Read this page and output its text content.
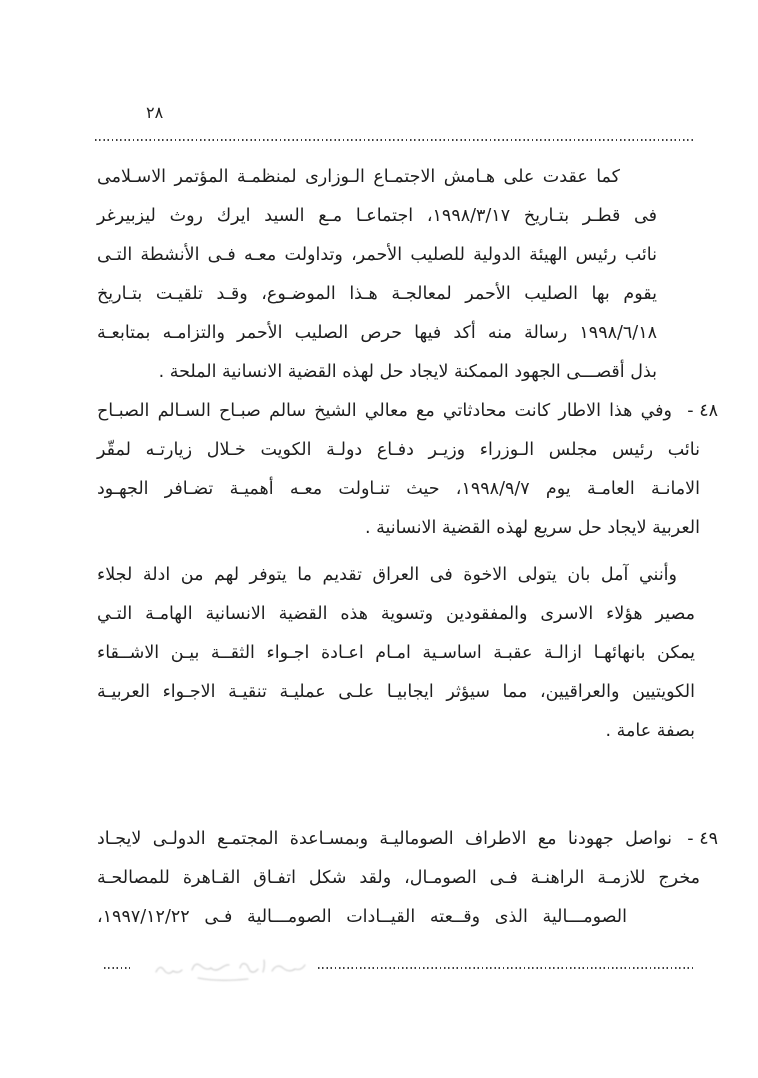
٢٨
كما عقدت على هـامش الاجتمـاع الـوزارى لمنظمـة المؤتمر الاسـلامى
فى قطـر بتـاريخ ١٩٩٨/٣/١٧، اجتماعـا مـع السيد ايرك روث ليزبيرغر
نائب رئيس الهيئة الدولية للصليب الأحمر، وتداولت معـه فـى الأنشطة التـى
يقوم بها الصليب الأحمر لمعالجـة هـذا الموضـوع، وقـد تلقيـت بتـاريخ
١٩٩٨/٦/١٨ رسالة منه أكد فيها حرص الصليب الأحمر والتزامـه بمتابعـة
بذل أقصـــى الجهود الممكنة لايجاد حل لهذه القضية الانسانية الملحة .
٤٨ -
وفي هذا الاطار كانت محادثاتي مع معالي الشيخ سالم صبـاح السـالم الصبـاح
نائب رئيس مجلس الـوزراء وزيـر دفـاع دولـة الكويت خـلال زيارتـه لمقّر
الامانـة العامـة يوم ١٩٩٨/٩/٧، حيث تنـاولت معـه أهميـة تضـافر الجهـود
العربية لايجاد حل سريع لهذه القضية الانسانية .
وأنني آمل بان يتولى الاخوة فى العراق تقديم ما يتوفر لهم من ادلة لجلاء
مصير هؤلاء الاسرى والمفقودين وتسوية هذه القضية الانسانية الهامـة التـي
يمكن بانهائهـا ازالـة عقبـة اساسـية امـام اعـادة اجـواء الثقــة بيـن الاشــقاء
الكويتيين والعراقيين، مما سيؤثر ايجابيـا علـى عمليـة تنقيـة الاجـواء العربيـة
بصفة عامة .
٤٩ -
نواصل جهودنا مع الاطراف الصوماليـة وبمسـاعدة المجتمـع الدولـى لايجـاد
مخرج للازمـة الراهنـة فـى الصومـال، ولقد شكل اتفـاق القـاهرة للمصالحـة
الصومـــالية الذى وقــعته القيــادات الصومـــالية فـى ١٩٩٧/١٢/٢٢،
